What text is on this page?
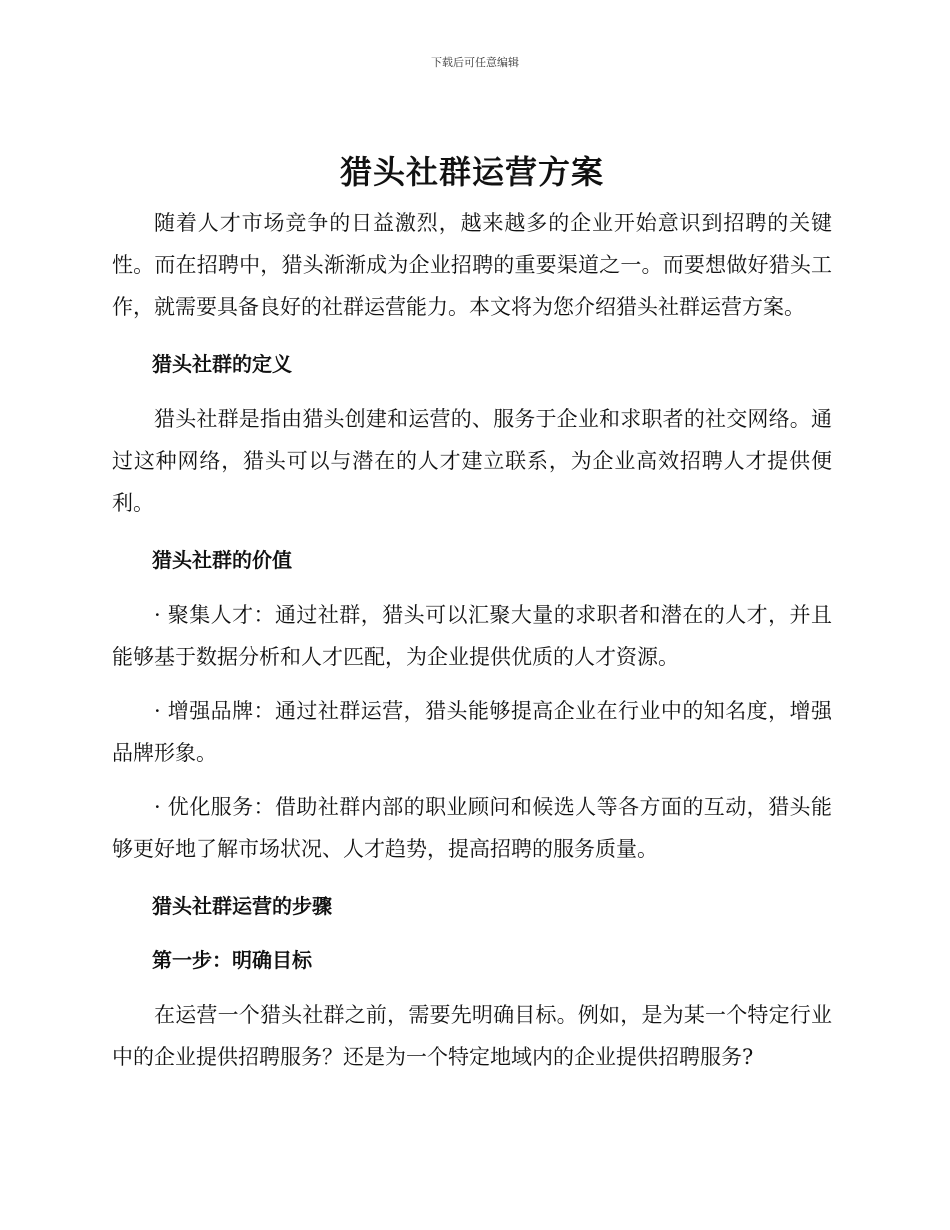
下载后可任意编辑
猎头社群运营方案

随着人才市场竞争的日益激烈，越来越多的企业开始意识到招聘的关键性。而在招聘中，猎头渐渐成为企业招聘的重要渠道之一。而要想做好猎头工作，就需要具备良好的社群运营能力。本文将为您介绍猎头社群运营方案。

猎头社群的定义

猎头社群是指由猎头创建和运营的、服务于企业和求职者的社交网络。通过这种网络，猎头可以与潜在的人才建立联系，为企业高效招聘人才提供便利。

猎头社群的价值

· 聚集人才：通过社群，猎头可以汇聚大量的求职者和潜在的人才，并且能够基于数据分析和人才匹配，为企业提供优质的人才资源。

· 增强品牌：通过社群运营，猎头能够提高企业在行业中的知名度，增强品牌形象。

· 优化服务：借助社群内部的职业顾问和候选人等各方面的互动，猎头能够更好地了解市场状况、人才趋势，提高招聘的服务质量。

猎头社群运营的步骤

第一步：明确目标

在运营一个猎头社群之前，需要先明确目标。例如，是为某一个特定行业中的企业提供招聘服务？还是为一个特定地域内的企业提供招聘服务?
